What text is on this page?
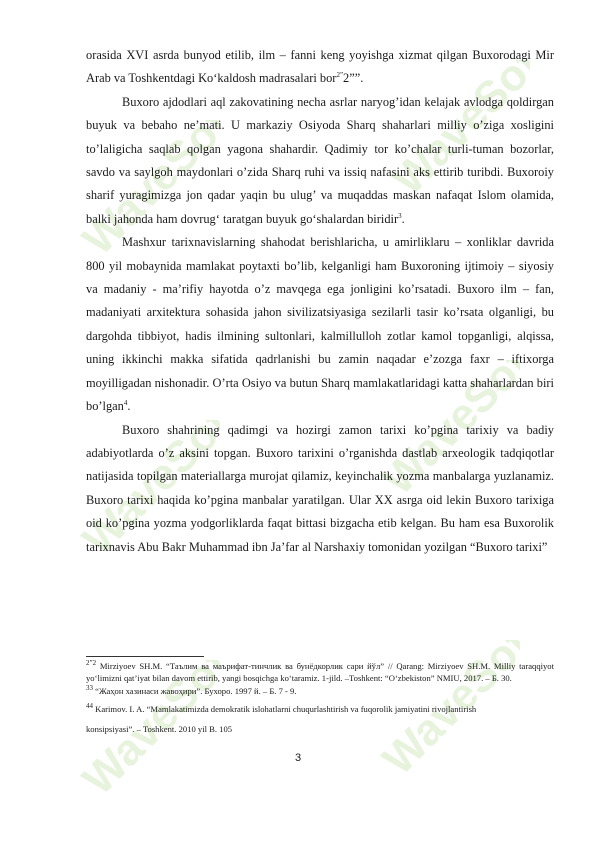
WaveSoft	WaveSoft
WaveSoft	WaveSoft
WaveSoft	WaveSoft

orasida XVI asrda bunyod etilib, ilm – fanni keng yoyishga xizmat qilgan Buxorodagi Mir Arab va Toshkentdagi Ko‘kaldosh madrasalari bor$^{2”}$2””.

Buxoro ajdodlari aql zakovatining necha asrlar naryog’idan kelajak avlodga qoldirgan buyuk va bebaho ne’mati. U markaziy Osiyoda Sharq shaharlari milliy o’ziga xosligini to’laligicha saqlab qolgan yagona shahardir. Qadimiy tor ko’chalar turli-tuman bozorlar, savdo va saylgoh maydonlari o’zida Sharq ruhi va issiq nafasini aks ettirib turibdi. Buxoroiy sharif yuragimizga jon qadar yaqin bu ulug’ va muqaddas maskan nafaqat Islom olamida, balki jahonda ham dovrug‘ taratgan buyuk go‘shalardan biridir$^3$.

Mashxur tarixnavislarning shahodat berishlaricha, u amirliklaru – xonliklar davrida 800 yil mobaynida mamlakat poytaxti bo’lib, kelganligi ham Buxoroning ijtimoiy – siyosiy va madaniy - ma’rifiy hayotda o’z mavqega ega jonligini ko’rsatadi. Buxoro ilm – fan, madaniyati arxitektura sohasida jahon sivilizatsiyasiga sezilarli tasir ko’rsata olganligi, bu dargohda tibbiyot, hadis ilmining sultonlari, kalmillulloh zotlar kamol topganligi, alqissa, uning ikkinchi makka sifatida qadrlanishi bu zamin naqadar e’zozga faxr – iftixorga moyilligadan nishonadir. O’rta Osiyo va butun Sharq mamlakatlaridagi katta shaharlardan biri bo’lgan$^4$.

Buxoro shahrining qadimgi va hozirgi zamon tarixi ko’pgina tarixiy va badiy adabiyotlarda o’z aksini topgan. Buxoro tarixini o’rganishda dastlab arxeologik tadqiqotlar natijasida topilgan materiallarga murojat qilamiz, keyinchalik yozma manbalarga yuzlanamiz. Buxoro tarixi haqida ko’pgina manbalar yaratilgan. Ular XX asrga oid lekin Buxoro tarixiga oid ko’pgina yozma yodgorliklarda faqat bittasi bizgacha etib kelgan. Bu ham esa Buxorolik tarixnavis Abu Bakr Muhammad ibn Ja’far al Narshaxiy tomonidan yozilgan “Buxoro tarixi”

$^{2”2}$ Mirziyoev SH.M. “Таълим ва маърифат-тинчлик ва бунёдкорлик сари йўл” // Qarang: Mirziyoev SH.M. Milliy taraqqiyot yo‘limizni qat’iyat bilan davom ettirib, yangi bosqichga ko‘taramiz. 1-jild. –Toshkent: “O‘zbekiston” NMIU, 2017. – Б. 30.

$^{33}$ “Жаҳон хазинаси жавоҳири”. Бухоро. 1997 й. – Б. 7 - 9.

$^{44}$ Karimov. I. A. “Mamlakatimizda demokratik islohatlarni chuqurlashtirish va fuqorolik jamiyatini rivojlantirish
konsipsiyasi”. – Toshkent. 2010 yil B. 105

3
